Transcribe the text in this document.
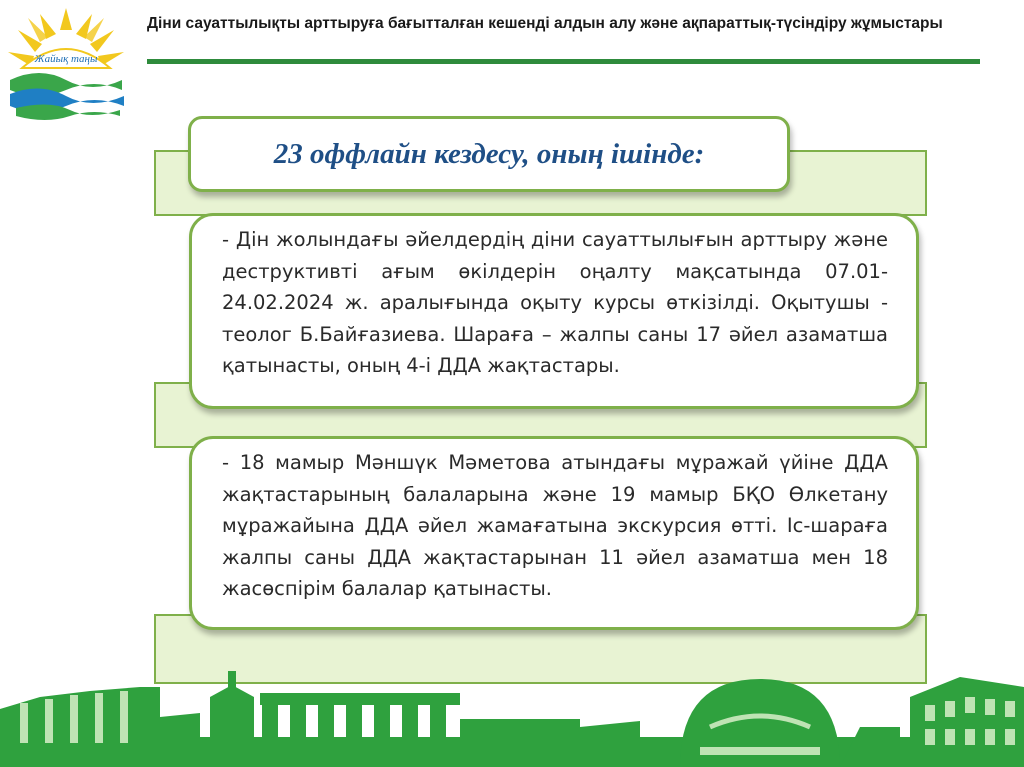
Жайық таңы
Діни сауаттылықты арттыруға бағытталған кешенді алдын алу және ақпараттық-түсіндіру жұмыстары
23 оффлайн кездесу, оның ішінде:

- Дін жолындағы әйелдердің діни сауаттылығын арттыру және деструктивті ағым өкілдерін оңалту мақсатында 07.01-24.02.2024 ж. аралығында оқыту курсы өткізілді. Оқытушы - теолог Б.Байғазиева. Шараға – жалпы саны 17 әйел азаматша қатынасты, оның 4-і ДДА жақтастары.

- 18 мамыр Мәншүк Мәметова атындағы мұражай үйіне ДДА жақтастарының балаларына және 19 мамыр БҚО Өлкетану мұражайына ДДА әйел жамағатына экскурсия өтті. Іс-шараға жалпы саны ДДА жақтастарынан 11 әйел азаматша мен 18 жасөспірім балалар қатынасты.
